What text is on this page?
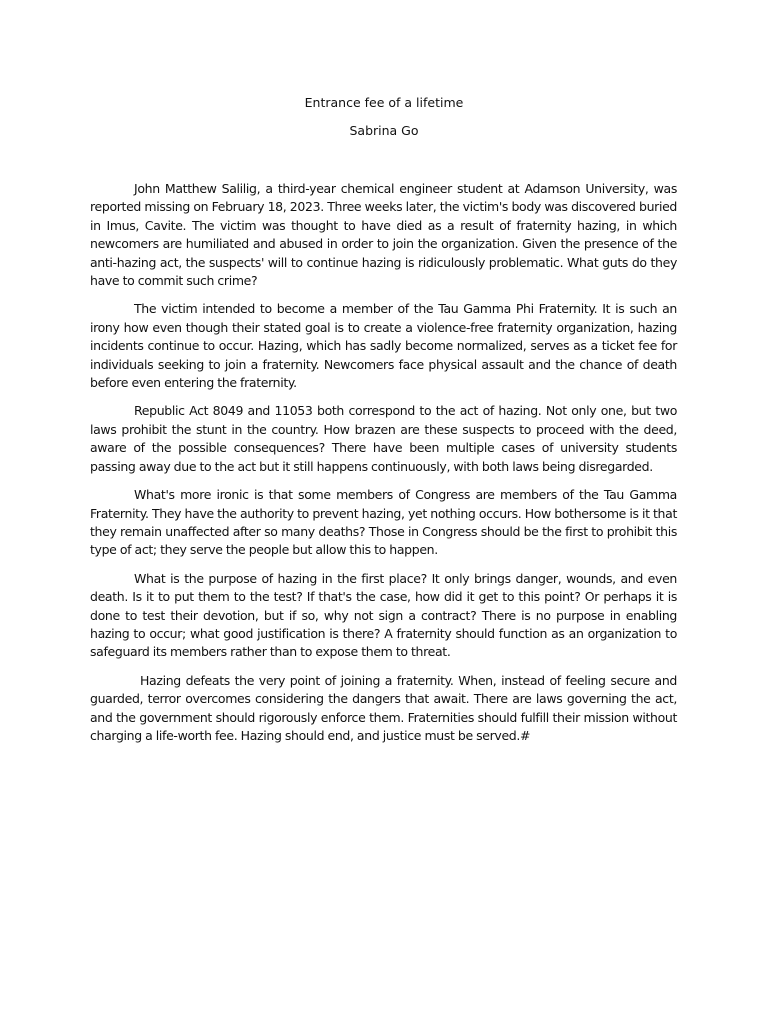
Entrance fee of a lifetime
Sabrina Go

John Matthew Salilig, a third-year chemical engineer student at Adamson University, was reported missing on February 18, 2023. Three weeks later, the victim's body was discovered buried in Imus, Cavite. The victim was thought to have died as a result of fraternity hazing, in which newcomers are humiliated and abused in order to join the organization. Given the presence of the anti-hazing act, the suspects' will to continue hazing is ridiculously problematic. What guts do they have to commit such crime?

The victim intended to become a member of the Tau Gamma Phi Fraternity. It is such an irony how even though their stated goal is to create a violence-free fraternity organization, hazing incidents continue to occur. Hazing, which has sadly become normalized, serves as a ticket fee for individuals seeking to join a fraternity. Newcomers face physical assault and the chance of death before even entering the fraternity.

Republic Act 8049 and 11053 both correspond to the act of hazing. Not only one, but two laws prohibit the stunt in the country. How brazen are these suspects to proceed with the deed, aware of the possible consequences? There have been multiple cases of university students passing away due to the act but it still happens continuously, with both laws being disregarded.

What's more ironic is that some members of Congress are members of the Tau Gamma Fraternity. They have the authority to prevent hazing, yet nothing occurs. How bothersome is it that they remain unaffected after so many deaths? Those in Congress should be the first to prohibit this type of act; they serve the people but allow this to happen.

What is the purpose of hazing in the first place? It only brings danger, wounds, and even death. Is it to put them to the test? If that's the case, how did it get to this point? Or perhaps it is done to test their devotion, but if so, why not sign a contract? There is no purpose in enabling hazing to occur; what good justification is there? A fraternity should function as an organization to safeguard its members rather than to expose them to threat.

Hazing defeats the very point of joining a fraternity. When, instead of feeling secure and guarded, terror overcomes considering the dangers that await. There are laws governing the act, and the government should rigorously enforce them. Fraternities should fulfill their mission without charging a life-worth fee. Hazing should end, and justice must be served.#
